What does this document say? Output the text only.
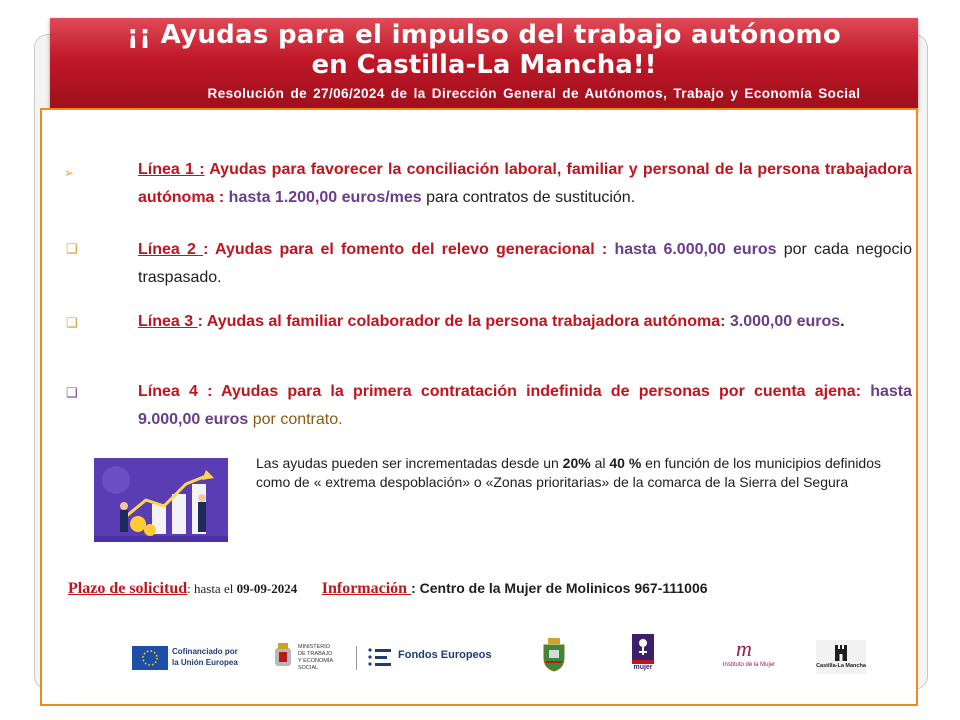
¡¡ Ayudas para el impulso del trabajo autónomo
en Castilla-La Mancha!!
Resolución de 27/06/2024 de la Dirección General de Autónomos, Trabajo y Economía Social
➢	Línea 1 : Ayudas para favorecer la conciliación laboral, familiar y personal de la persona trabajadora autónoma : hasta 1.200,00 euros/mes para contratos de sustitución.
❑	Línea 2 : Ayudas para el fomento del relevo generacional : hasta 6.000,00 euros por cada negocio traspasado.
❑	Línea 3 : Ayudas al familiar colaborador de la persona trabajadora autónoma: 3.000,00 euros.
❑	Línea 4 : Ayudas para la primera contratación indefinida de personas por cuenta ajena: hasta 9.000,00 euros por contrato.
Las ayudas pueden ser incrementadas desde un 20% al 40 % en función de los municipios definidos como de « extrema despoblación» o «Zonas prioritarias» de la comarca de la Sierra del Segura
Plazo de solicitud: hasta el 09-09-2024  Información : Centro de la Mujer de Molinicos 967-111006
Cofinanciado por
la Unión Europea
MINISTERIO
DE TRABAJO
Y ECONOMÍA SOCIAL
Fondos Europeos
mujer
m
Instituto de la Mujer	Castilla-La Mancha
